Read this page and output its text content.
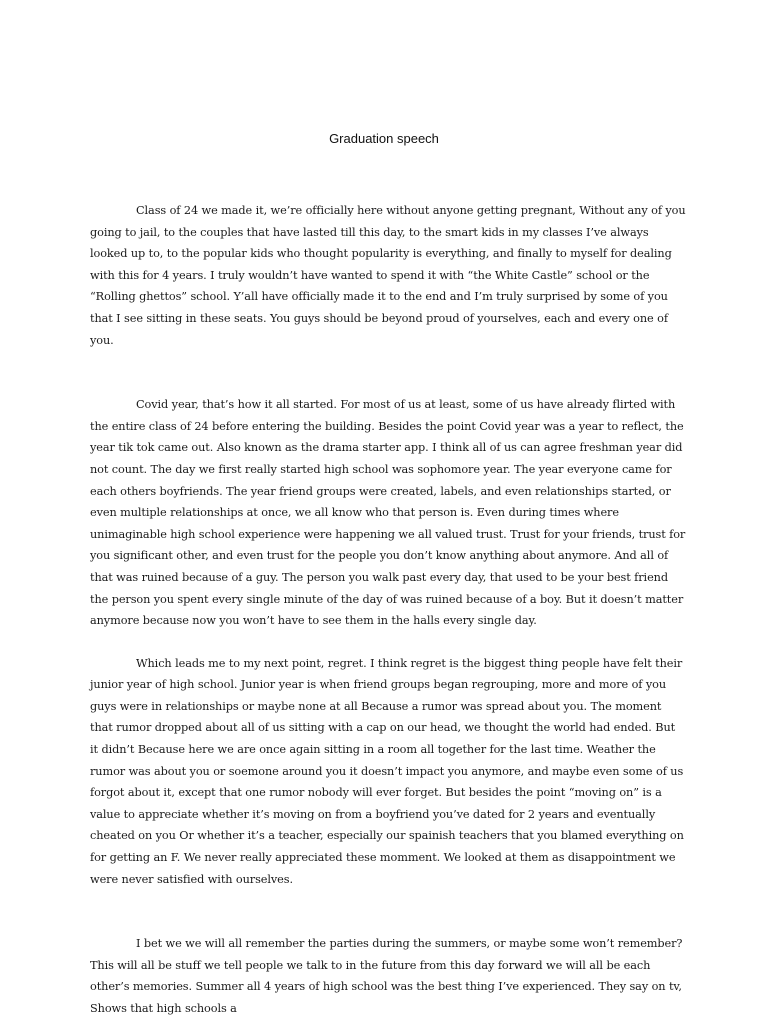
Graduation speech

Class of 24 we made it, we’re officially here without anyone getting pregnant, Without any of you going to jail, to the couples that have lasted till this day, to the smart kids in my classes I’ve always looked up to, to the popular kids who thought popularity is everything, and finally to myself for dealing with this for 4 years. I truly wouldn’t have wanted to spend it with “the White Castle” school or the “Rolling ghettos” school. Y’all have officially made it to the end and I’m truly surprised by some of you that I see sitting in these seats. You guys should be beyond proud of yourselves, each and every one of you.

Covid year, that’s how it all started. For most of us at least, some of us have already flirted with the entire class of 24 before entering the building. Besides the point Covid year was a year to reflect, the year tik tok came out. Also known as the drama starter app. I think all of us can agree freshman year did not count. The day we first really started high school was sophomore year. The year everyone came for each others boyfriends. The year friend groups were created, labels, and even relationships started, or even multiple relationships at once, we all know who that person is. Even during times where unimaginable high school experience were happening we all valued trust. Trust for your friends, trust for you significant other, and even trust for the people you don’t know anything about anymore. And all of that was ruined because of a guy. The person you walk past every day, that used to be your best friend the person you spent every single minute of the day of was ruined because of a boy. But it doesn’t matter anymore because now you won’t have to see them in the halls every single day.

Which leads me to my next point, regret. I think regret is the biggest thing people have felt their junior year of high school. Junior year is when friend groups began regrouping, more and more of you guys were in relationships or maybe none at all Because a rumor was spread about you. The moment that rumor dropped about all of us sitting with a cap on our head, we thought the world had ended. But it didn’t Because here we are once again sitting in a room all together for the last time. Weather the rumor was about you or soemone around you it doesn’t impact you anymore, and maybe even some of us forgot about it, except that one rumor nobody will ever forget. But besides the point “moving on” is a value to appreciate whether it’s moving on from a boyfriend you’ve dated for 2 years and eventually cheated on you Or whether it’s a teacher, especially our spainish teachers that you blamed everything on for getting an F. We never really appreciated these momment. We looked at them as disappointment we were never satisfied with ourselves.

I bet we we will all remember the parties during the summers, or maybe some won’t remember? This will all be stuff we tell people we talk to in the future from this day forward we will all be each other’s memories. Summer all 4 years of high school was the best thing I’ve experienced. They say on tv, Shows that high schools a
